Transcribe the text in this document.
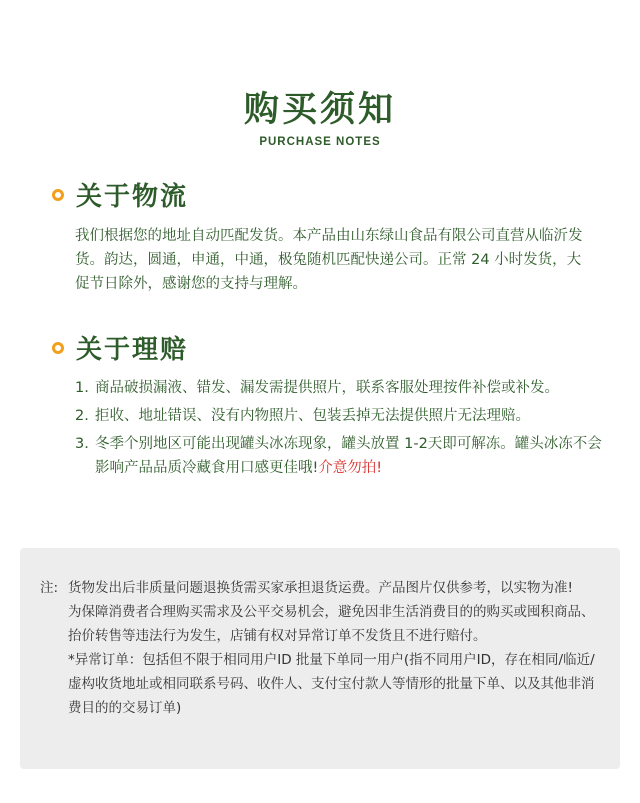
购买须知
PURCHASE NOTES
关于物流

我们根据您的地址自动匹配发货。本产品由山东绿山食品有限公司直营从临沂发货。韵达，圆通，申通，中通，极兔随机匹配快递公司。正常 24 小时发货，大促节日除外，感谢您的支持与理解。

关于理赔
1. 商品破损漏液、错发、漏发需提供照片，联系客服处理按件补偿或补发。
2. 拒收、地址错误、没有内物照片、包装丢掉无法提供照片无法理赔。
3. 冬季个别地区可能出现罐头冰冻现象，罐头放置 1-2天即可解冻。罐头冰冻不会影响产品品质冷藏食用口感更佳哦!介意勿拍!
注: 货物发出后非质量问题退换货需买家承担退货运费。产品图片仅供参考，以实物为准!

为保障消费者合理购买需求及公平交易机会，避免因非生活消费目的的购买或囤积商品、抬价转售等违法行为发生，店铺有权对异常订单不发货且不进行赔付。

*异常订单：包括但不限于相同用户ID 批量下单同一用户(指不同用户ID，存在相同/临近/虚构收货地址或相同联系号码、收件人、支付宝付款人等情形的批量下单、以及其他非消费目的的交易订单)
